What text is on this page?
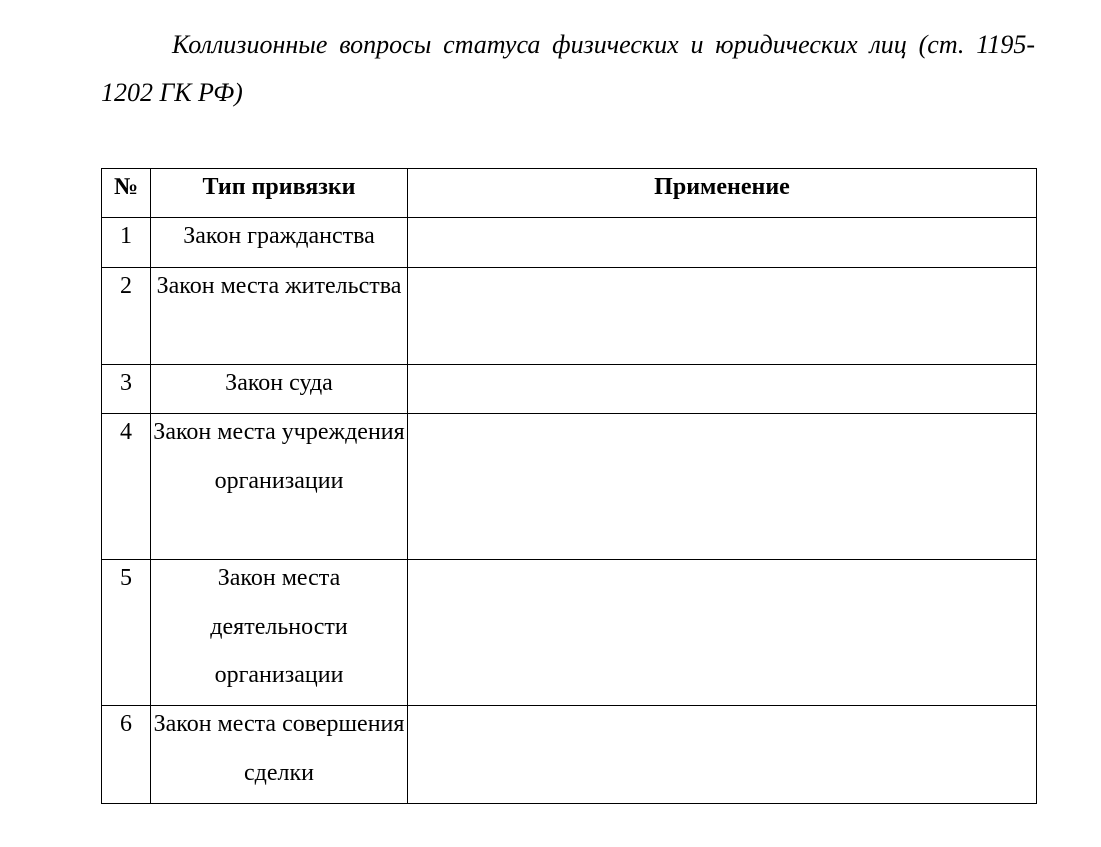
Коллизионные вопросы статуса физических и юридических лиц (ст. 1195-1202 ГК РФ)

№	Тип привязки	Применение

1	Закон гражданства	

2	Закон места жительства	

3	Закон суда	

4	Закон места учреждения организации	

5	Закон места деятельности организации	

6	Закон места совершения сделки	
